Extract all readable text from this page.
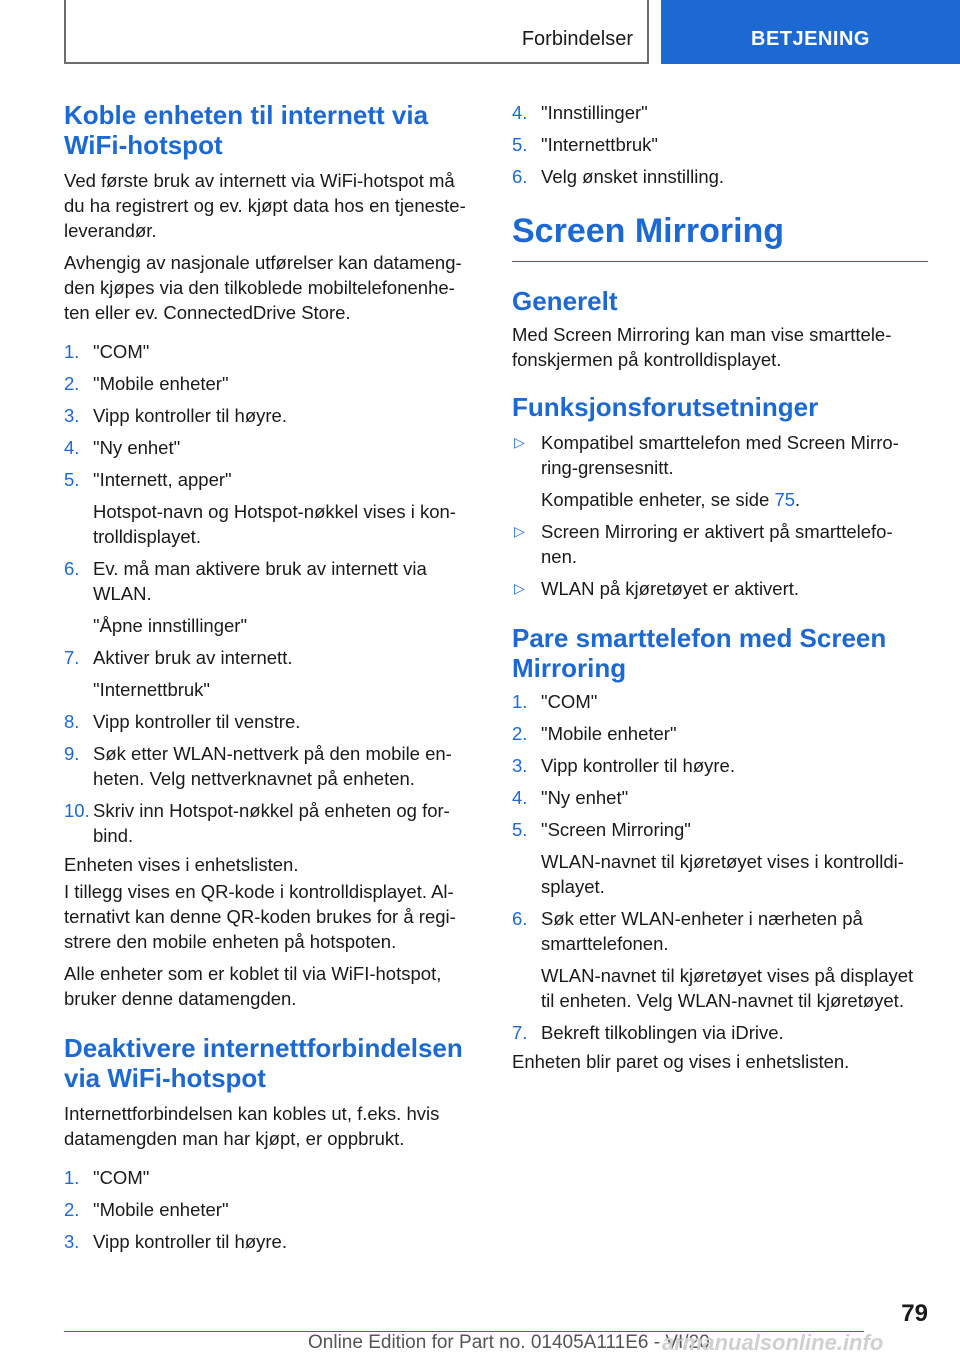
Forbindelser	BETJENING
Koble enheten til internett via WiFi-hotspot

Ved første bruk av internett via WiFi-hotspot må du ha registrert og ev. kjøpt data hos en tjeneste-leverandør.

Avhengig av nasjonale utførelser kan datameng-den kjøpes via den tilkoblede mobiltelefonenhe-ten eller ev. ConnectedDrive Store.

1. "COM"
2. "Mobile enheter"
3. Vipp kontroller til høyre.
4. "Ny enhet"
5. "Internett, apper"
Hotspot-navn og Hotspot-nøkkel vises i kon-trolldisplayet.
6. Ev. må man aktivere bruk av internett via WLAN.
"Åpne innstillinger"
7. Aktiver bruk av internett.
"Internettbruk"
8. Vipp kontroller til venstre.
9. Søk etter WLAN-nettverk på den mobile en-heten. Velg nettverknavnet på enheten.
10. Skriv inn Hotspot-nøkkel på enheten og for-bind.

Enheten vises i enhetslisten.

I tillegg vises en QR-kode i kontrolldisplayet. Al-ternativt kan denne QR-koden brukes for å regi-strere den mobile enheten på hotspoten.

Alle enheter som er koblet til via WiFI-hotspot, bruker denne datamengden.

Deaktivere internettforbindelsen via WiFi-hotspot

Internettforbindelsen kan kobles ut, f.eks. hvis datamengden man har kjøpt, er oppbrukt.

1. "COM"
2. "Mobile enheter"
3. Vipp kontroller til høyre.
4. "Innstillinger"
5. "Internettbruk"
6. Velg ønsket innstilling.
Screen Mirroring
Generelt

Med Screen Mirroring kan man vise smarttele-fonskjermen på kontrolldisplayet.

Funksjonsforutsetninger
▷ Kompatibel smarttelefon med Screen Mirro-ring-grensesnitt.
Kompatible enheter, se side 75.
▷ Screen Mirroring er aktivert på smarttelefo-nen.
▷ WLAN på kjøretøyet er aktivert.
Pare smarttelefon med Screen Mirroring
1. "COM"
2. "Mobile enheter"
3. Vipp kontroller til høyre.
4. "Ny enhet"
5. "Screen Mirroring"
WLAN-navnet til kjøretøyet vises i kontrolldi-splayet.
6. Søk etter WLAN-enheter i nærheten på smarttelefonen.
WLAN-navnet til kjøretøyet vises på displayet til enheten. Velg WLAN-navnet til kjøretøyet.
7. Bekreft tilkoblingen via iDrive.

Enheten blir paret og vises i enhetslisten.

79
Online Edition for Part no. 01405A111E6 - VI/20
armanualsonline.info
